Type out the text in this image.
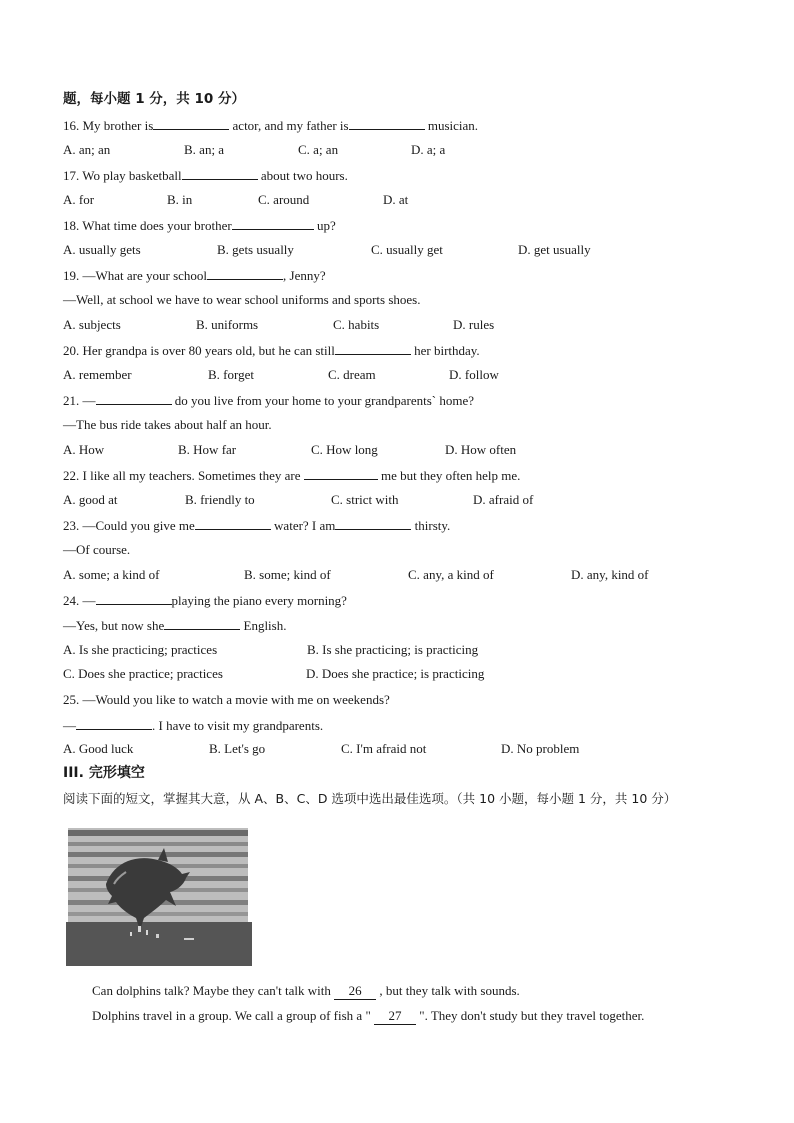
题，每小题 1 分，共 10 分）
16. My brother is	actor, and my father is	musician.
A. an; an	B. an; a	C. a; an	D. a; a
17. Wo play basketball	about two hours.
A. for	B. in	C. around	D. at
18. What time does your brother	up?
A. usually gets	B. gets usually	C. usually get	D. get usually
19. —What are your school	, Jenny?
—Well, at school we have to wear school uniforms and sports shoes.
A. subjects	B. uniforms	C. habits	D. rules
20. Her grandpa is over 80 years old, but he can still	her birthday.
A. remember	B. forget	C. dream	D. follow
21. —	do you live from your home to your grandparents` home?
—The bus ride takes about half an hour.
A. How	B. How far	C. How long	D. How often
22. I like all my teachers. Sometimes they are	me but they often help me.
A. good at	B. friendly to	C. strict with	D. afraid of
23. —Could you give me	water? I am	thirsty.
—Of course.
A. some; a kind of	B. some; kind of	C. any, a kind of	D. any, kind of
24. —	playing the piano every morning?
—Yes, but now she	English.
A. Is she practicing; practices	B. Is she practicing; is practicing
C. Does she practice; practices	D. Does she practice; is practicing
25. —Would you like to watch a movie with me on weekends?
—	. I have to visit my grandparents.
A. Good luck	B. Let's go	C. I'm afraid not	D. No problem
III. 完形填空
阅读下面的短文，掌握其大意，从 A、B、C、D 选项中选出最佳选项。（共 10 小题，每小题 1 分，共 10 分）
Can dolphins talk? Maybe they can't talk with 26 , but they talk with sounds.
Dolphins travel in a group. We call a group of fish a " 27 ". They don't study but they travel together.
